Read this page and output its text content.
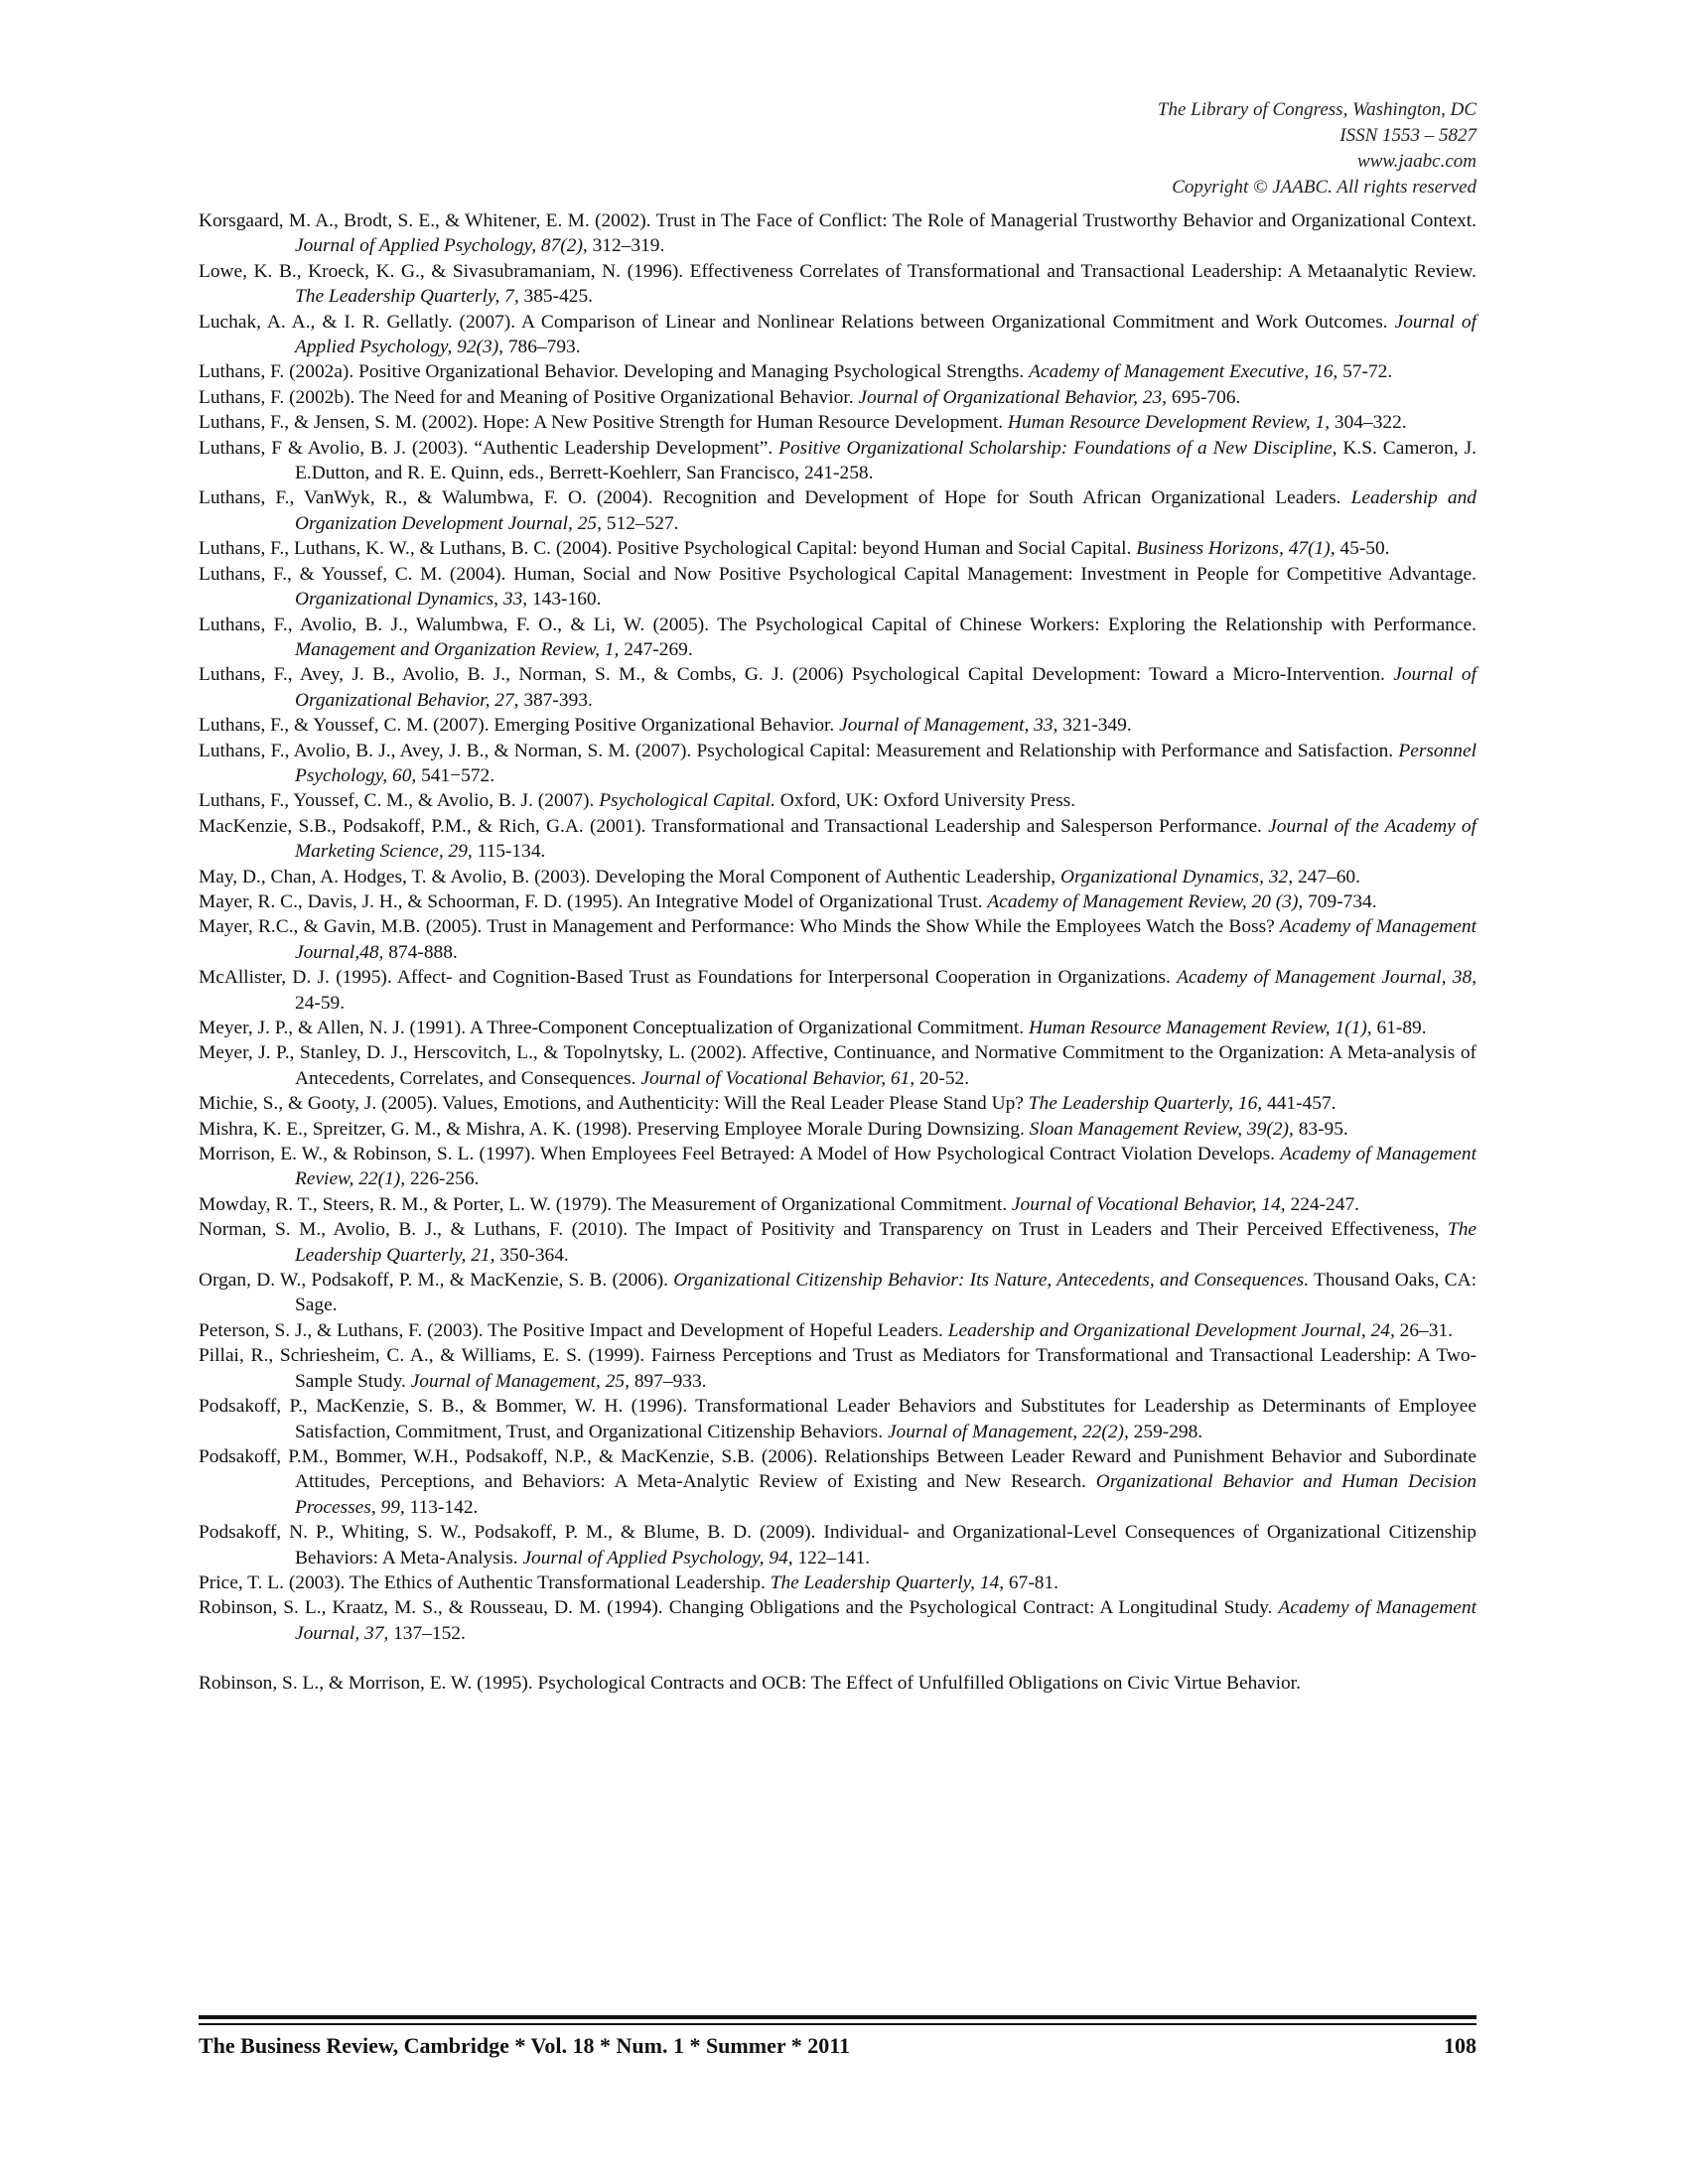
The Library of Congress, Washington, DC
ISSN 1553 – 5827
www.jaabc.com
Copyright © JAABC. All rights reserved

Korsgaard, M. A., Brodt, S. E., & Whitener, E. M. (2002). Trust in The Face of Conflict: The Role of Managerial Trustworthy Behavior and Organizational Context. Journal of Applied Psychology, 87(2), 312–319.

Lowe, K. B., Kroeck, K. G., & Sivasubramaniam, N. (1996). Effectiveness Correlates of Transformational and Transactional Leadership: A Metaanalytic Review. The Leadership Quarterly, 7, 385-425.

Luchak, A. A., & I. R. Gellatly. (2007). A Comparison of Linear and Nonlinear Relations between Organizational Commitment and Work Outcomes. Journal of Applied Psychology, 92(3), 786–793.

Luthans, F. (2002a). Positive Organizational Behavior. Developing and Managing Psychological Strengths. Academy of Management Executive, 16, 57-72.

Luthans, F. (2002b). The Need for and Meaning of Positive Organizational Behavior. Journal of Organizational Behavior, 23, 695-706.

Luthans, F., & Jensen, S. M. (2002). Hope: A New Positive Strength for Human Resource Development. Human Resource Development Review, 1, 304–322.

Luthans, F & Avolio, B. J. (2003). “Authentic Leadership Development”. Positive Organizational Scholarship: Foundations of a New Discipline, K.S. Cameron, J. E.Dutton, and R. E. Quinn, eds., Berrett-Koehlerr, San Francisco, 241-258.

Luthans, F., VanWyk, R., & Walumbwa, F. O. (2004). Recognition and Development of Hope for South African Organizational Leaders. Leadership and Organization Development Journal, 25, 512–527.

Luthans, F., Luthans, K. W., & Luthans, B. C. (2004). Positive Psychological Capital: beyond Human and Social Capital. Business Horizons, 47(1), 45-50.

Luthans, F., & Youssef, C. M. (2004). Human, Social and Now Positive Psychological Capital Management: Investment in People for Competitive Advantage. Organizational Dynamics, 33, 143-160.

Luthans, F., Avolio, B. J., Walumbwa, F. O., & Li, W. (2005). The Psychological Capital of Chinese Workers: Exploring the Relationship with Performance. Management and Organization Review, 1, 247-269.

Luthans, F., Avey, J. B., Avolio, B. J., Norman, S. M., & Combs, G. J. (2006) Psychological Capital Development: Toward a Micro-Intervention. Journal of Organizational Behavior, 27, 387-393.

Luthans, F., & Youssef, C. M. (2007). Emerging Positive Organizational Behavior. Journal of Management, 33, 321-349.

Luthans, F., Avolio, B. J., Avey, J. B., & Norman, S. M. (2007). Psychological Capital: Measurement and Relationship with Performance and Satisfaction. Personnel Psychology, 60, 541−572.

Luthans, F., Youssef, C. M., & Avolio, B. J. (2007). Psychological Capital. Oxford, UK: Oxford University Press.

MacKenzie, S.B., Podsakoff, P.M., & Rich, G.A. (2001). Transformational and Transactional Leadership and Salesperson Performance. Journal of the Academy of Marketing Science, 29, 115-134.

May, D., Chan, A. Hodges, T. & Avolio, B. (2003). Developing the Moral Component of Authentic Leadership, Organizational Dynamics, 32, 247–60.

Mayer, R. C., Davis, J. H., & Schoorman, F. D. (1995). An Integrative Model of Organizational Trust. Academy of Management Review, 20 (3), 709-734.

Mayer, R.C., & Gavin, M.B. (2005). Trust in Management and Performance: Who Minds the Show While the Employees Watch the Boss? Academy of Management Journal,48, 874-888.

McAllister, D. J. (1995). Affect- and Cognition-Based Trust as Foundations for Interpersonal Cooperation in Organizations. Academy of Management Journal, 38, 24-59.

Meyer, J. P., & Allen, N. J. (1991). A Three-Component Conceptualization of Organizational Commitment. Human Resource Management Review, 1(1), 61-89.

Meyer, J. P., Stanley, D. J., Herscovitch, L., & Topolnytsky, L. (2002). Affective, Continuance, and Normative Commitment to the Organization: A Meta-analysis of Antecedents, Correlates, and Consequences. Journal of Vocational Behavior, 61, 20-52.

Michie, S., & Gooty, J. (2005). Values, Emotions, and Authenticity: Will the Real Leader Please Stand Up? The Leadership Quarterly, 16, 441-457.

Mishra, K. E., Spreitzer, G. M., & Mishra, A. K. (1998). Preserving Employee Morale During Downsizing. Sloan Management Review, 39(2), 83-95.

Morrison, E. W., & Robinson, S. L. (1997). When Employees Feel Betrayed: A Model of How Psychological Contract Violation Develops. Academy of Management Review, 22(1), 226-256.

Mowday, R. T., Steers, R. M., & Porter, L. W. (1979). The Measurement of Organizational Commitment. Journal of Vocational Behavior, 14, 224-247.

Norman, S. M., Avolio, B. J., & Luthans, F. (2010). The Impact of Positivity and Transparency on Trust in Leaders and Their Perceived Effectiveness, The Leadership Quarterly, 21, 350-364.

Organ, D. W., Podsakoff, P. M., & MacKenzie, S. B. (2006). Organizational Citizenship Behavior: Its Nature, Antecedents, and Consequences. Thousand Oaks, CA: Sage.

Peterson, S. J., & Luthans, F. (2003). The Positive Impact and Development of Hopeful Leaders. Leadership and Organizational Development Journal, 24, 26–31.

Pillai, R., Schriesheim, C. A., & Williams, E. S. (1999). Fairness Perceptions and Trust as Mediators for Transformational and Transactional Leadership: A Two-Sample Study. Journal of Management, 25, 897–933.

Podsakoff, P., MacKenzie, S. B., & Bommer, W. H. (1996). Transformational Leader Behaviors and Substitutes for Leadership as Determinants of Employee Satisfaction, Commitment, Trust, and Organizational Citizenship Behaviors. Journal of Management, 22(2), 259-298.

Podsakoff, P.M., Bommer, W.H., Podsakoff, N.P., & MacKenzie, S.B. (2006). Relationships Between Leader Reward and Punishment Behavior and Subordinate Attitudes, Perceptions, and Behaviors: A Meta-Analytic Review of Existing and New Research. Organizational Behavior and Human Decision Processes, 99, 113-142.

Podsakoff, N. P., Whiting, S. W., Podsakoff, P. M., & Blume, B. D. (2009). Individual- and Organizational-Level Consequences of Organizational Citizenship Behaviors: A Meta-Analysis. Journal of Applied Psychology, 94, 122–141.

Price, T. L. (2003). The Ethics of Authentic Transformational Leadership. The Leadership Quarterly, 14, 67-81.

Robinson, S. L., Kraatz, M. S., & Rousseau, D. M. (1994). Changing Obligations and the Psychological Contract: A Longitudinal Study. Academy of Management Journal, 37, 137–152.

Robinson, S. L., & Morrison, E. W. (1995). Psychological Contracts and OCB: The Effect of Unfulfilled Obligations on Civic Virtue Behavior.

The Business Review, Cambridge * Vol. 18 * Num. 1 * Summer * 2011	108
